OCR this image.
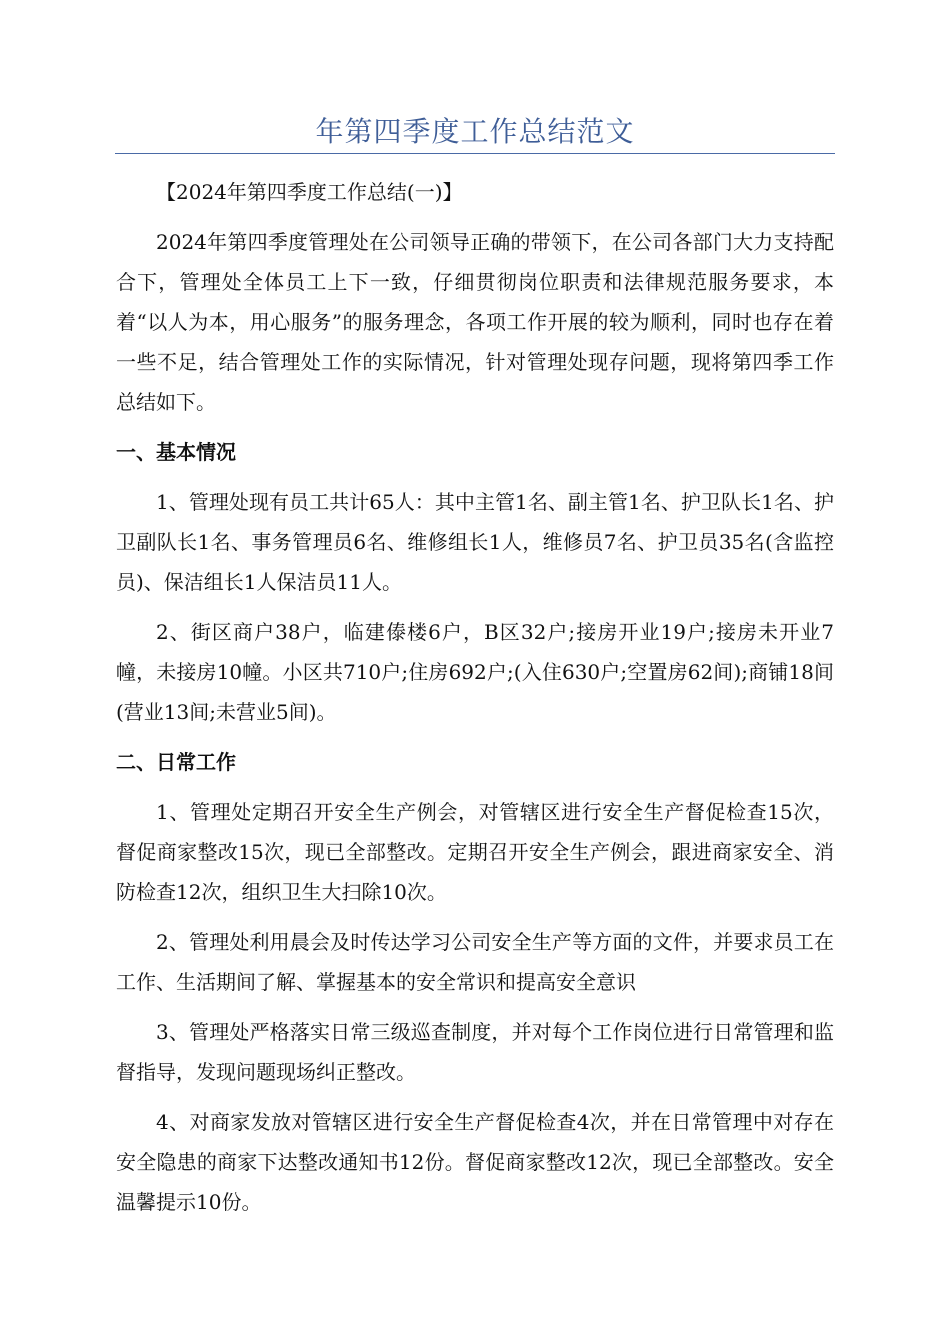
年第四季度工作总结范文

【2024年第四季度工作总结(一)】

2024年第四季度管理处在公司领导正确的带领下，在公司各部门大力支持配合下，管理处全体员工上下一致，仔细贯彻岗位职责和法律规范服务要求，本着“以人为本，用心服务”的服务理念，各项工作开展的较为顺利，同时也存在着一些不足，结合管理处工作的实际情况，针对管理处现存问题，现将第四季工作总结如下。

一、基本情况

1、管理处现有员工共计65人：其中主管1名、副主管1名、护卫队长1名、护卫副队长1名、事务管理员6名、维修组长1人，维修员7名、护卫员35名(含监控员)、保洁组长1人保洁员11人。

2、街区商户38户，临建傣楼6户，B区32户;接房开业19户;接房未开业7幢，未接房10幢。小区共710户;住房692户;(入住630户;空置房62间);商铺18间(营业13间;未营业5间)。

二、日常工作

1、管理处定期召开安全生产例会，对管辖区进行安全生产督促检查15次，督促商家整改15次，现已全部整改。定期召开安全生产例会，跟进商家安全、消防检查12次，组织卫生大扫除10次。

2、管理处利用晨会及时传达学习公司安全生产等方面的文件，并要求员工在工作、生活期间了解、掌握基本的安全常识和提高安全意识

3、管理处严格落实日常三级巡查制度，并对每个工作岗位进行日常管理和监督指导，发现问题现场纠正整改。

4、对商家发放对管辖区进行安全生产督促检查4次，并在日常管理中对存在安全隐患的商家下达整改通知书12份。督促商家整改12次，现已全部整改。安全温馨提示10份。
